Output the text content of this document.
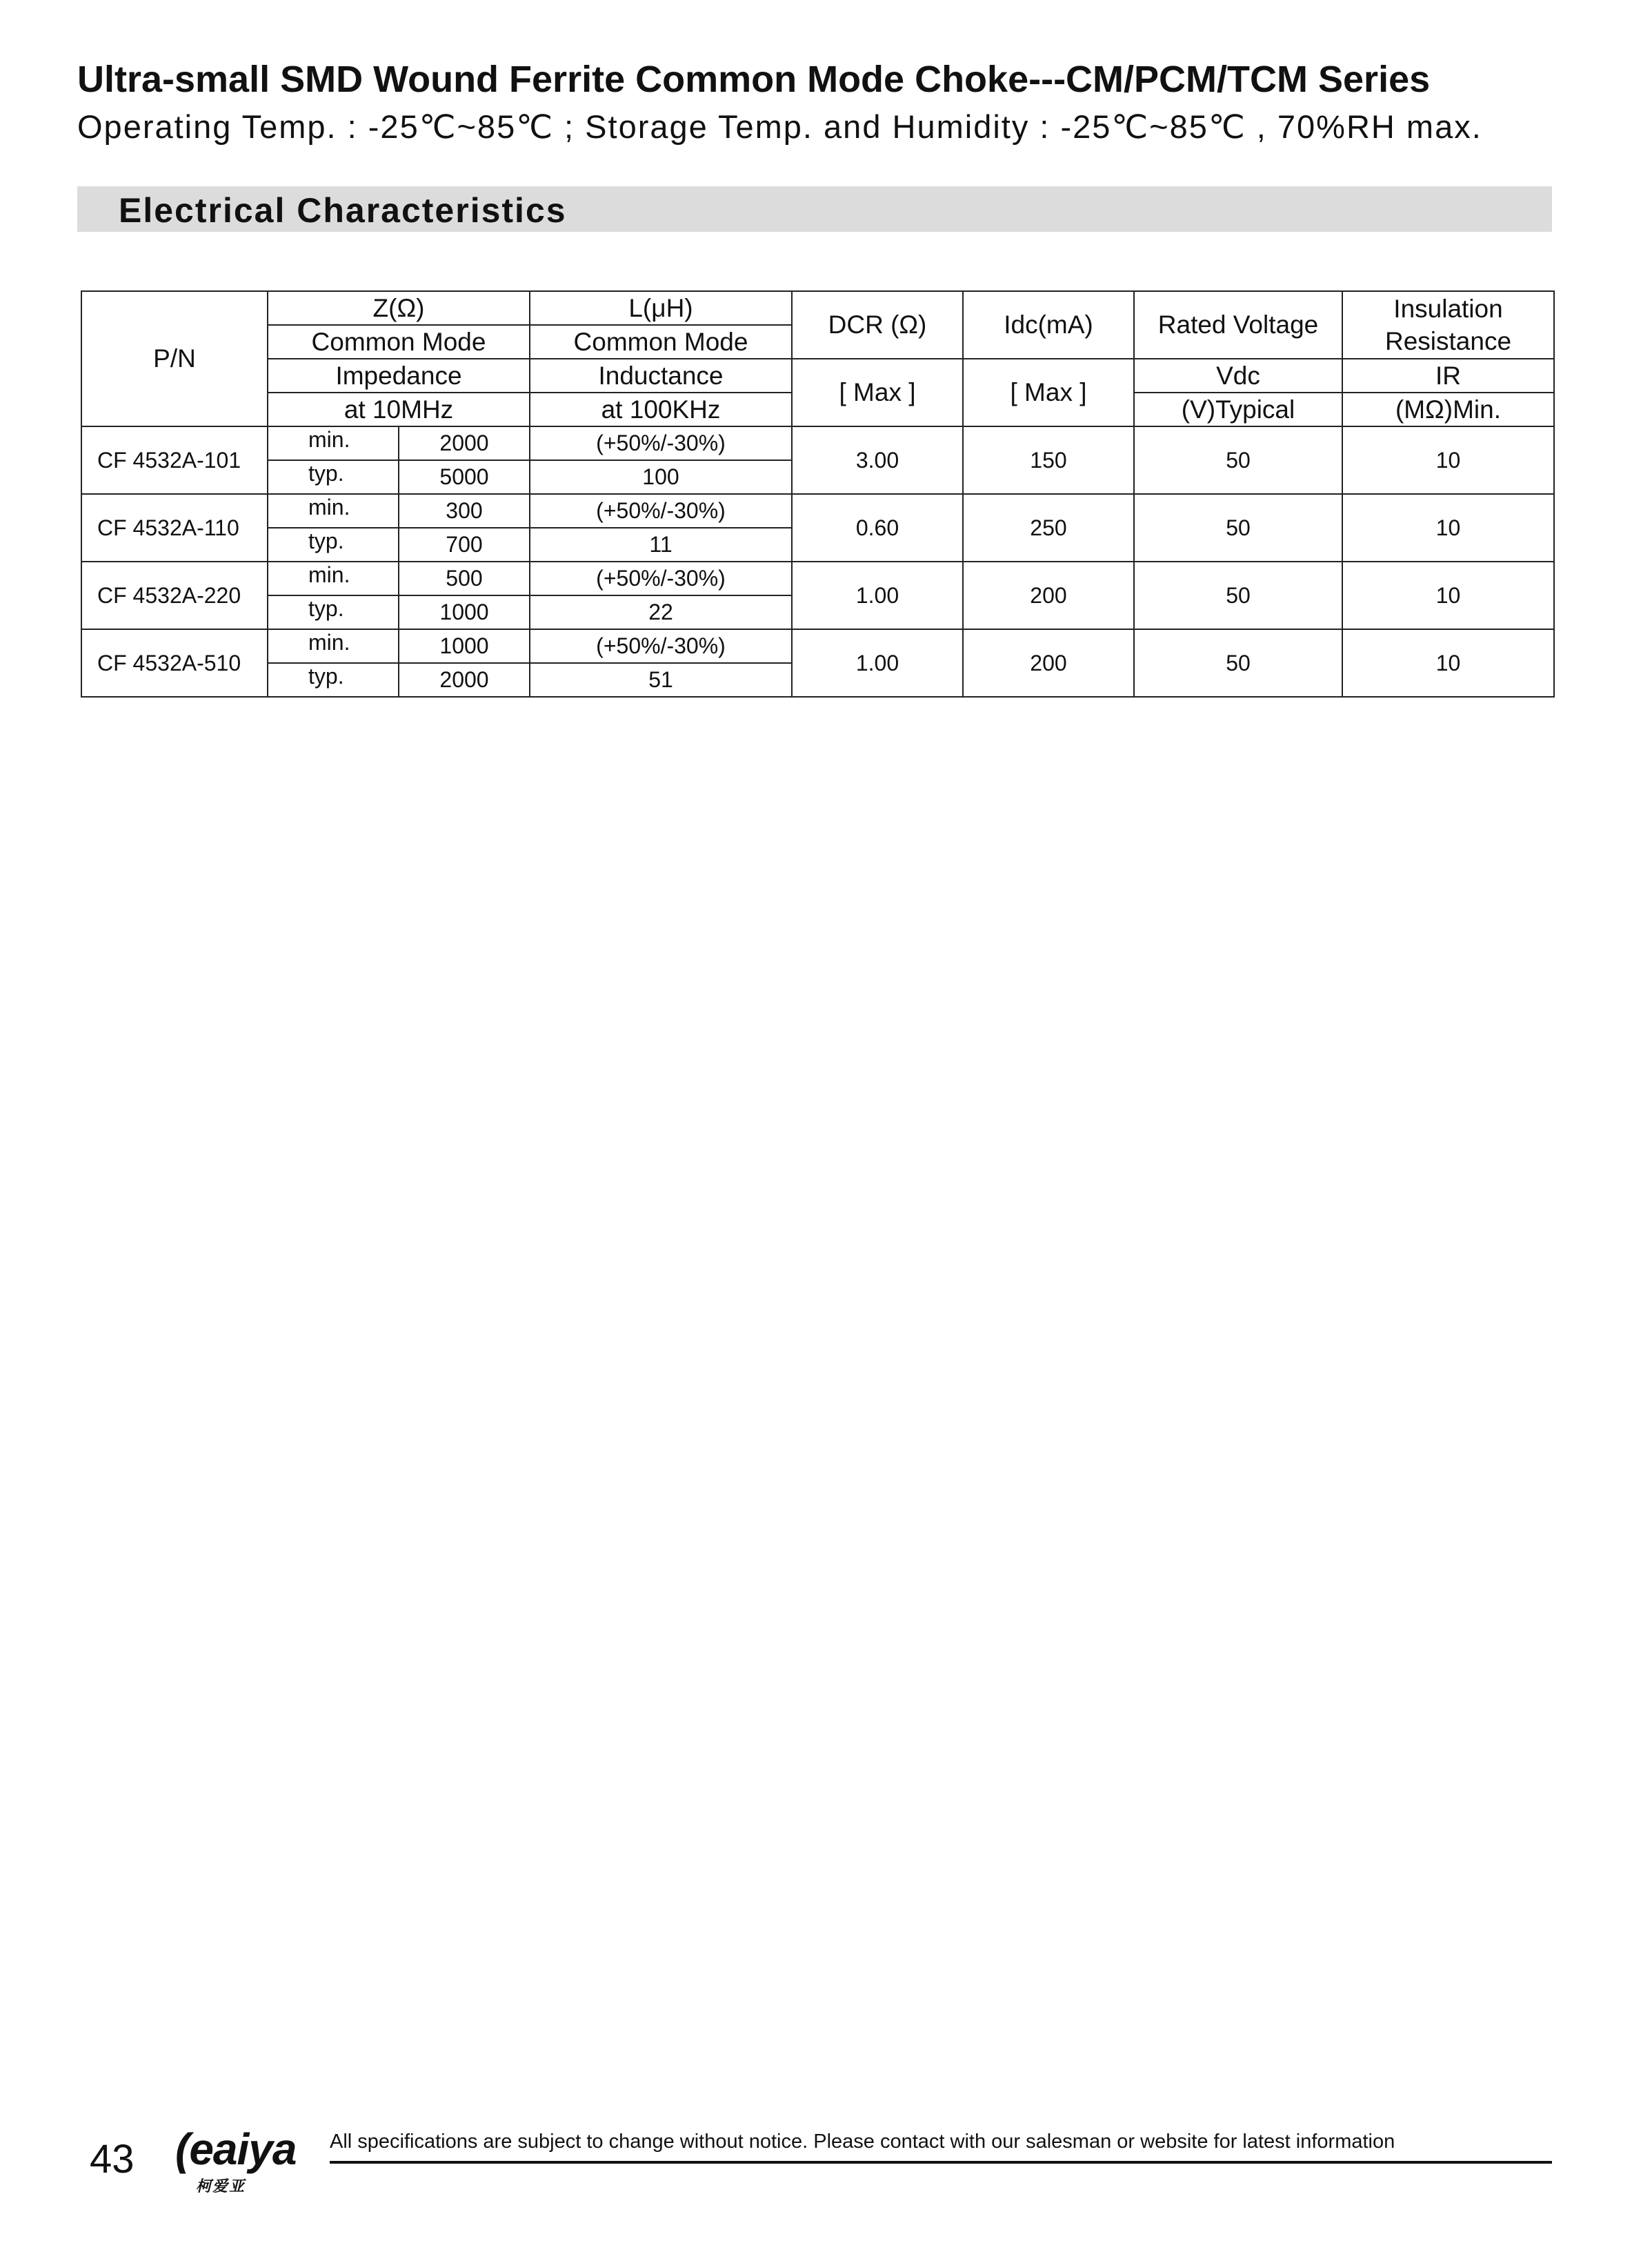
Ultra-small SMD Wound Ferrite Common Mode Choke---CM/PCM/TCM Series
Operating Temp. : -25℃~85℃ ; Storage Temp. and Humidity : -25℃~85℃ , 70%RH max.
Electrical Characteristics
P/N	Z(Ω)		L(μH)	DCR (Ω)	Idc(mA)	Rated Voltage	Insulation
Resistance

	Common Mode		Common Mode				
	Impedance		Inductance	[ Max ]	[ Max ]	Vdc	IR
	at 10MHz		at 100KHz			(V)Typical	(MΩ)Min.
CF 4532A-101	min.	2000	(+50%/-30%)	3.00	150	50	10
	typ.	5000	100				
CF 4532A-110	min.	300	(+50%/-30%)	0.60	250	50	10
	typ.	700	11				
CF 4532A-220	min.	500	(+50%/-30%)	1.00	200	50	10
	typ.	1000	22				
CF 4532A-510	min.	1000	(+50%/-30%)	1.00	200	50	10
	typ.	2000	51				
43 (eaiya
柯爱亚
All specifications are subject to change without notice. Please contact with our salesman or website for latest information
